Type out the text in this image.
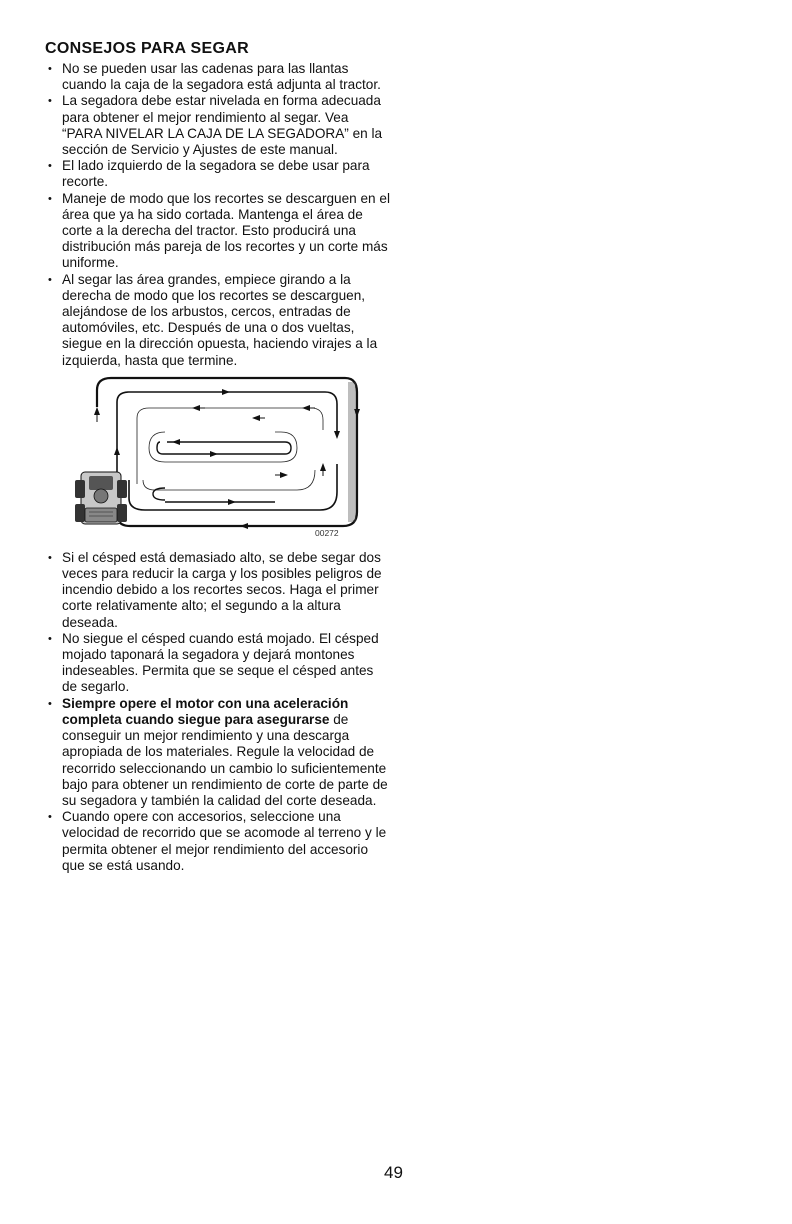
CONSEJOS PARA SEGAR
• No se pueden usar las cadenas para las llantas cuando la caja de la segadora está adjunta al tractor.
• La segadora debe estar nivelada en forma adecuada para obtener el mejor rendimiento al segar. Vea “PARA NIVELAR LA CAJA DE LA SEGADORA” en la sección de Servicio y Ajustes de este manual.
• El lado izquierdo de la segadora se debe usar para recorte.
• Maneje de modo que los recortes se descarguen en el área que ya ha sido cortada. Mantenga el área de corte a la derecha del tractor. Esto producirá una distribución más pareja de los recortes y un corte más uniforme.
• Al segar las área grandes, empiece girando a la derecha de modo que los recortes se descarguen, alejándose de los arbustos, cercos, entradas de automóviles, etc. Después de una o dos vueltas, siegue en la dirección opuesta, haciendo virajes a la izquierda, hasta que termine.
00272
• Si el césped está demasiado alto, se debe segar dos veces para reducir la carga y los posibles peligros de incendio debido a los recortes secos. Haga el primer corte relativamente alto; el segundo a la altura deseada.
• No siegue el césped cuando está mojado. El césped mojado taponará la segadora y dejará montones indeseables. Permita que se seque el césped antes de segarlo.
• Siempre opere el motor con una aceleración completa cuando siegue para asegurarse de conseguir un mejor rendimiento y una descarga apropiada de los materiales. Regule la velocidad de recorrido seleccionando un cambio lo suficientemente bajo para obtener un rendimiento de corte de parte de su segadora y también la calidad del corte deseada.
• Cuando opere con accesorios, seleccione una velocidad de recorrido que se acomode al terreno y le permita obtener el mejor rendimiento del accesorio que se está usando.
49
